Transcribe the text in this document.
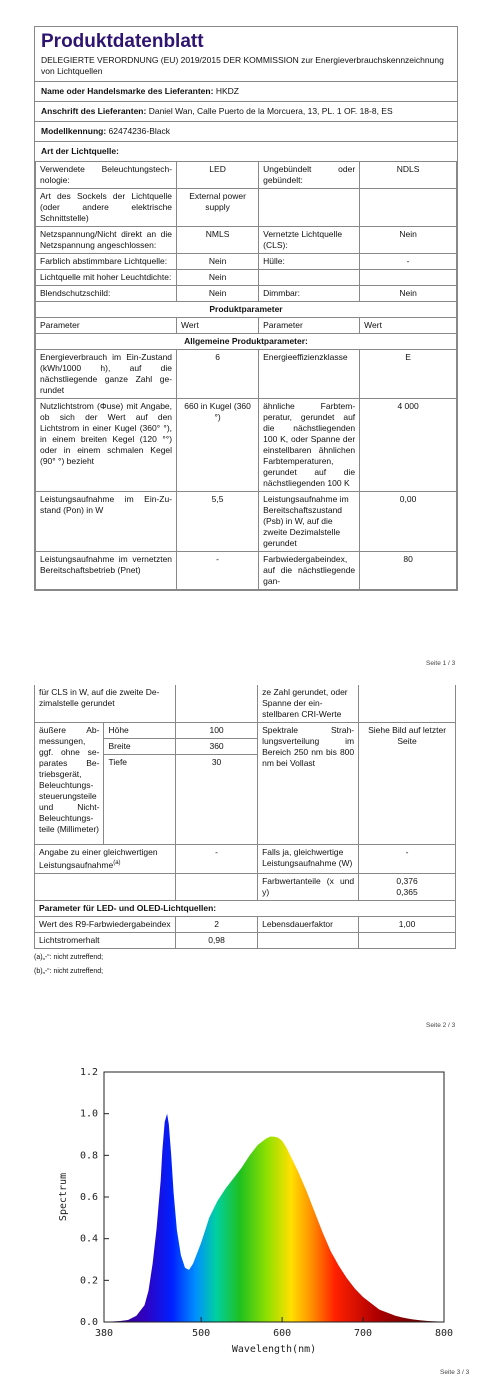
Produktdatenblatt
DELEGIERTE VERORDNUNG (EU) 2019/2015 DER KOMMISSION zur Energieverbrauchskennzeichnung von Lichtquellen
Name oder Handelsmarke des Lieferanten: HKDZ
Anschrift des Lieferanten: Daniel Wan, Calle Puerto de la Morcuera, 13, PL. 1 OF. 18-8, ES
Modellkennung: 62474236-Black
Art der Lichtquelle:
Verwendete Beleuchtungstechnologie:	LED	Ungebündelt oder gebündelt:	NDLS
Art des Sockels der Lichtquelle (oder andere elektrische Schnittstelle)	External power supply		
Netzspannung/Nicht direkt an die Netzspannung angeschlossen:	NMLS	Vernetzte Lichtquelle (CLS):	Nein
Farblich abstimmbare Lichtquelle:	Nein	Hülle:	-
Lichtquelle mit hoher Leuchtdichte:	Nein		
Blendschutzschild:	Nein	Dimmbar:	Nein
Produktparameter			
Parameter	Wert	Parameter	Wert
Allgemeine Produktparameter:			
Energieverbrauch im Ein-Zustand (kWh/1000 h), auf die nächstliegende ganze Zahl gerundet	6	Energieeffizienzklasse	E
Nutzlichtstrom (Φuse) mit Angabe, ob sich der Wert auf den Lichtstrom in einer Kugel (360° °), in einem breiten Kegel (120 °°) oder in einem schmalen Kegel (90° °) bezieht	660 in Kugel (360 °)	ähnliche Farbtemperatur, gerundet auf die nächstliegenden 100 K, oder Spanne der einstellbaren ähnlichen Farbtemperaturen, gerundet auf die nächstliegenden 100 K	4 000
Leistungsaufnahme im Ein-Zustand (Pon) in W	5,5	Leistungsaufnahme im Bereitschaftszustand (Psb) in W, auf die zweite Dezimalstelle gerundet	0,00
Leistungsaufnahme im vernetzten Bereitschaftsbetrieb (Pnet)	-	Farbwiedergabeindex, auf die nächstliegende gan-	80
Seite 1 / 3
für CLS in W, auf die zweite Dezimalstelle gerundet			ze Zahl gerundet, oder Spanne der einstellbaren CRI-Werte	
äußere Abmessungen, ggf. ohne separates Betriebsgerät, Beleuchtungssteuerungsteile und Nicht-Beleuchtungsteile (Millimeter)	Höhe	100	Spektrale Strahlungsverteilung im Bereich 250 nm bis 800 nm bei Vollast	Siehe Bild auf letzter Seite
	Breite	360		
	Tiefe	30		
Angabe zu einer gleichwertigen Leistungsaufnahme$^{(a)}$		-	Falls ja, gleichwertige Leistungsaufnahme (W)	-
			Farbwertanteile (x und y)	0,376
0,365

Parameter für LED- und OLED-Lichtquellen:				
Wert des R9-Farbwiedergabeindex		2	Lebensdauerfaktor	1,00
Lichtstromerhalt		0,98		
(a)„-“: nicht zutreffend;
(b)„-“: nicht zutreffend;
Seite 2 / 3
380	500	600	700	800
0.0
0.2
0.4
0.6
0.8
1.0
1.2
Wavelength(nm)
Spectrum
Seite 3 / 3
